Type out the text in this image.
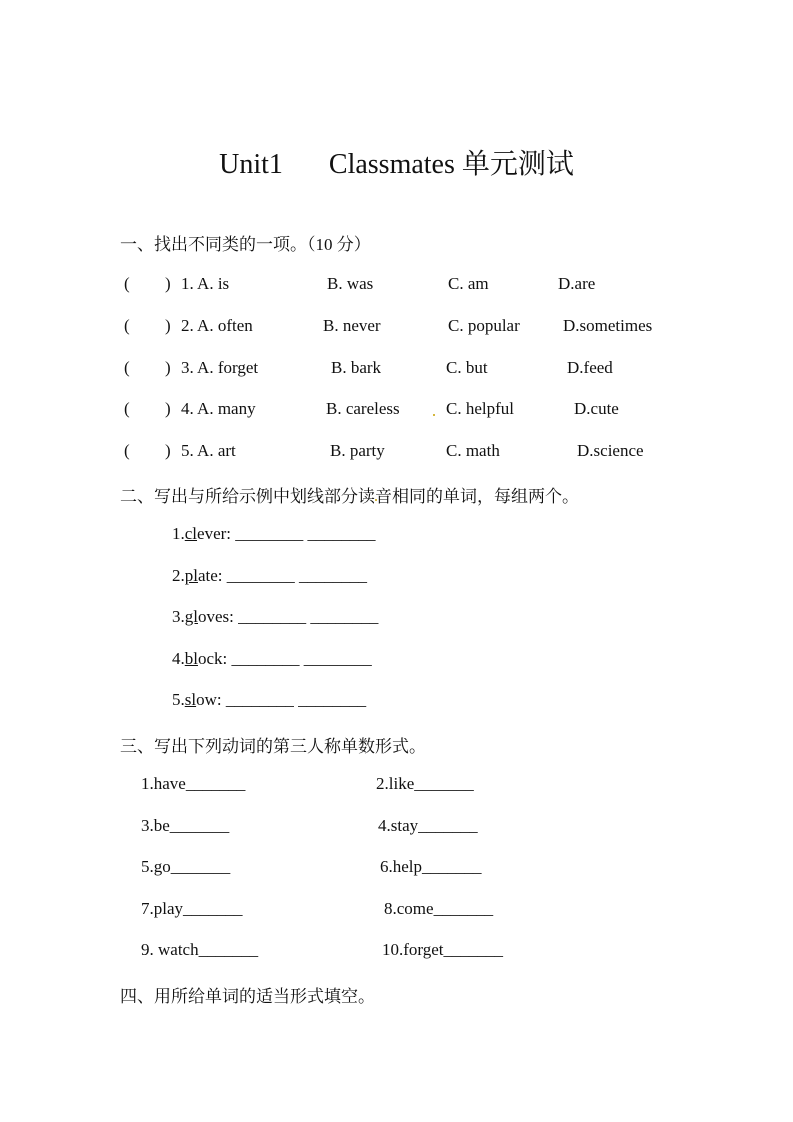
Unit1 Classmates 单元测试
一、找出不同类的一项。（10 分）
( ) 1. A. is	B. was	C. am	D.are
( ) 2. A. often	B. never	C. popular	D.sometimes
( ) 3. A. forget	B. bark	C. but	D.feed
( ) 4. A. many	B. careless	C. helpful	D.cute
( ) 5. A. art	B. party	C. math	D.science
二、写出与所给示例中划线部分读音相同的单词，每组两个。
1.clever: ________ ________
2.plate: ________ ________
3.gloves: ________ ________
4.block: ________ ________
5.slow: ________ ________
三、写出下列动词的第三人称单数形式。
1.have_______	2.like_______
3.be_______	4.stay_______
5.go_______	6.help_______
7.play_______	8.come_______
9. watch_______	10.forget_______
四、用所给单词的适当形式填空。
